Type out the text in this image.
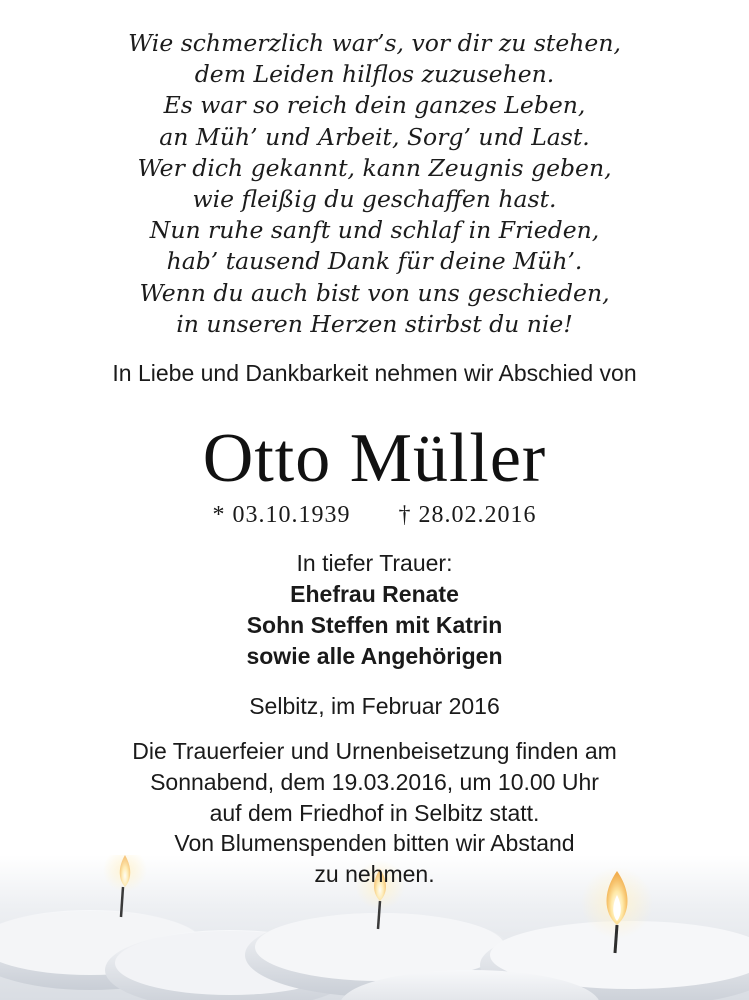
Wie schmerzlich war’s, vor dir zu stehen,
dem Leiden hilflos zuzusehen.
Es war so reich dein ganzes Leben,
an Müh’ und Arbeit, Sorg’ und Last.
Wer dich gekannt, kann Zeugnis geben,
wie fleißig du geschaffen hast.
Nun ruhe sanft und schlaf in Frieden,
hab’ tausend Dank für deine Müh’.
Wenn du auch bist von uns geschieden,
in unseren Herzen stirbst du nie!
In Liebe und Dankbarkeit nehmen wir Abschied von
Otto Müller
* 03.10.1939 † 28.02.2016
In tiefer Trauer:
Ehefrau Renate
Sohn Steffen mit Katrin
sowie alle Angehörigen
Selbitz, im Februar 2016
Die Trauerfeier und Urnenbeisetzung finden am
Sonnabend, dem 19.03.2016, um 10.00 Uhr
auf dem Friedhof in Selbitz statt.
Von Blumenspenden bitten wir Abstand
zu nehmen.
